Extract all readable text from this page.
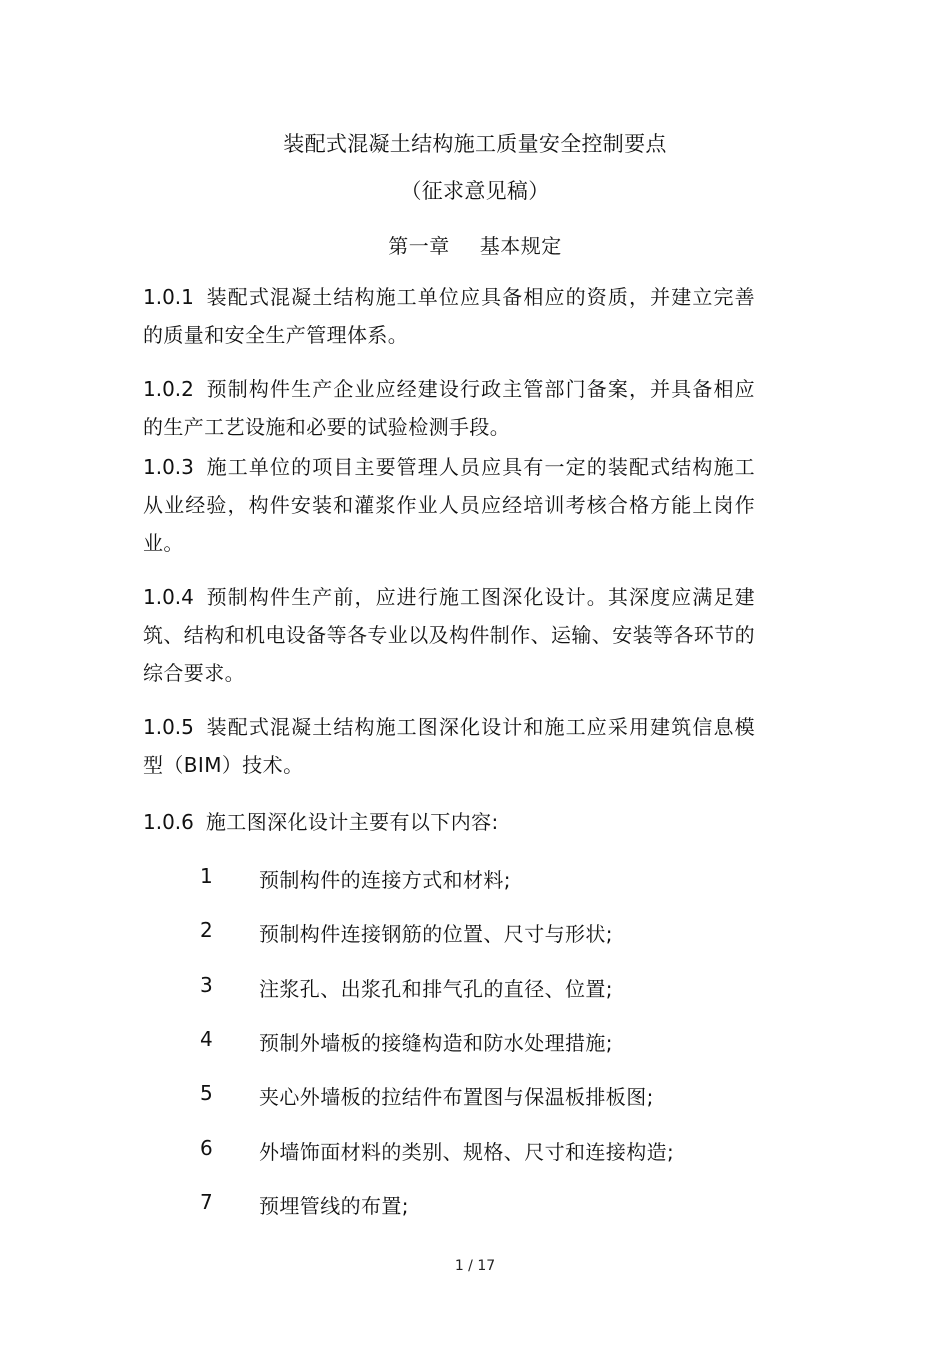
装配式混凝土结构施工质量安全控制要点
（征求意见稿）
第一章 基本规定
1.0.1 装配式混凝土结构施工单位应具备相应的资质，并建立完善的质量和安全生产管理体系。
1.0.2 预制构件生产企业应经建设行政主管部门备案，并具备相应的生产工艺设施和必要的试验检测手段。
1.0.3 施工单位的项目主要管理人员应具有一定的装配式结构施工从业经验，构件安装和灌浆作业人员应经培训考核合格方能上岗作业。
1.0.4 预制构件生产前，应进行施工图深化设计。其深度应满足建筑、结构和机电设备等各专业以及构件制作、运输、安装等各环节的综合要求。
1.0.5 装配式混凝土结构施工图深化设计和施工应采用建筑信息模型（BIM）技术。
1.0.6 施工图深化设计主要有以下内容:
1 预制构件的连接方式和材料;
2 预制构件连接钢筋的位置、尺寸与形状;
3 注浆孔、出浆孔和排气孔的直径、位置;
4 预制外墙板的接缝构造和防水处理措施;
5 夹心外墙板的拉结件布置图与保温板排板图;
6 外墙饰面材料的类别、规格、尺寸和连接构造;
7 预埋管线的布置;
1 / 17
